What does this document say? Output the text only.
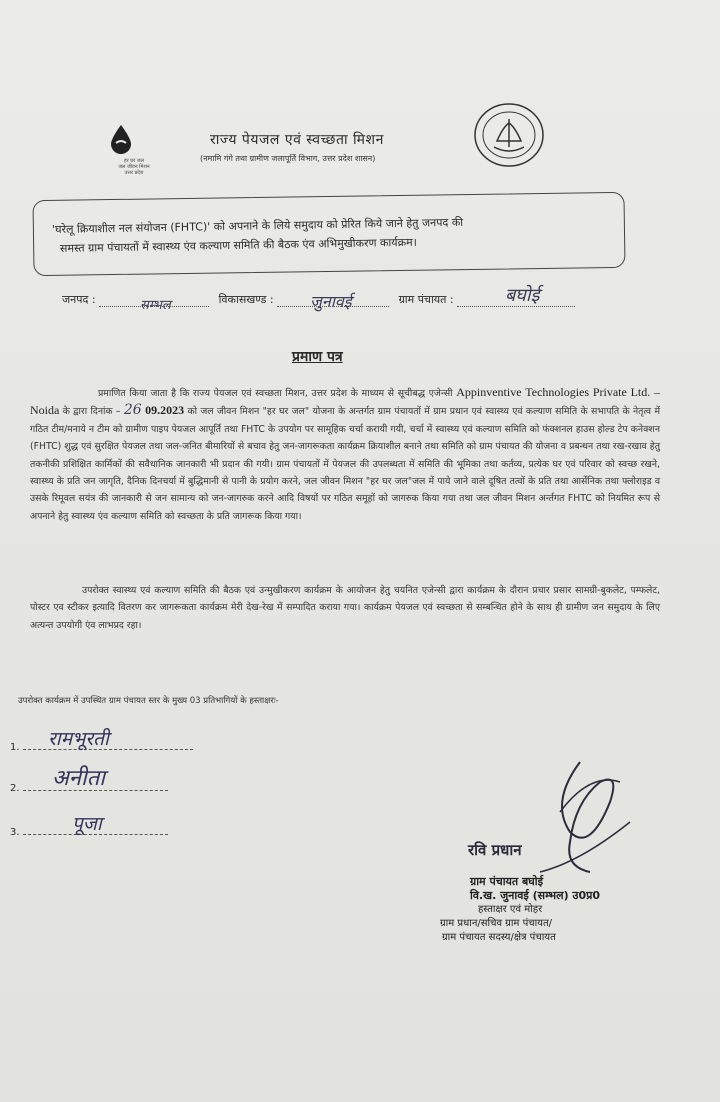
हर घर जल
जल जीवन मिशन
उत्तर प्रदेश
राज्य पेयजल एवं स्वच्छता मिशन
(नमामि गंगे तथा ग्रामीण जलापूर्ति विभाग, उत्तर प्रदेश शासन)
'घरेलू क्रियाशील नल संयोजन (FHTC)' को अपनाने के लिये समुदाय को प्रेरित किये जाने हेतु जनपद की
समस्त ग्राम पंचायतों में स्वास्थ्य एंव कल्याण समिति की बैठक एंव अभिमुखीकरण कार्यक्रम।
जनपद :	विकासखण्ड :	ग्राम पंचायत :
सम्भल	जुनावई	बघोई
प्रमाण पत्र
प्रमाणित किया जाता है कि राज्य पेयजल एवं स्वच्छता मिशन, उत्तर प्रदेश के माध्यम से सूचीबद्ध एजेन्सी Appinventive Technologies Private Ltd. – Noida के द्वारा दिनांक – 26 09.2023 को जल जीवन मिशन "हर घर जल" योजना के अन्तर्गत ग्राम पंचायतों में ग्राम प्रधान एवं स्वास्थ्य एवं कल्याण समिति के सभापति के नेतृत्व में गठित टीम/मनाये न टीम को ग्रामीण पाइप पेयजल आपूर्ति तथा FHTC के उपयोग पर सामूहिक चर्चा करायी गयी, चर्चा में स्वास्थ्य एवं कल्याण समिति को फंक्शनल हाउस होल्ड टेप कनेक्शन (FHTC) शुद्ध एवं सुरक्षित पेयजल तथा जल-जनित बीमारियों से बचाव हेतु जन-जागरूकता कार्यक्रम क्रियाशील बनाने तथा समिति को ग्राम पंचायत की योजना व प्रबन्धन तथा रख-रखाव हेतु तकनीकी प्रशिक्षित कार्मिकों की सवैधानिक जानकारी भी प्रदान की गयी। ग्राम पंचायतों में पेयजल की उपलब्धता में समिति की भूमिका तथा कर्तव्य, प्रत्येक घर एवं परिवार को स्वच्छ रखने, स्वास्थ्य के प्रति जन जागृति, दैनिक दिनचर्या में बुद्धिमानी से पानी के प्रयोग करने, जल जीवन मिशन "हर घर जल"जल में पाये जाने वाले दूषित तत्वों के प्रति तथा आर्सेनिक तथा फ्लोराइड व उसके रिमूवल सयंत्र की जानकारी से जन सामान्य को जन-जागरुक करने आदि विषयों पर गठित समूहों को जागरुक किया गया तथा जल जीवन मिशन अर्न्तगत FHTC को नियमित रूप से अपनाने हेतु स्वास्थ्य एंव कल्याण समिति को स्वच्छता के प्रति जागरूक किया गया।
उपरोक्त स्वास्थ्य एवं कल्याण समिति की बैठक एवं उन्मुखीकरण कार्यक्रम के आयोजन हेतु चयनित एजेन्सी द्वारा कार्यक्रम के दौरान प्रचार प्रसार सामग्री-बुकलेट, पम्फलेट, पोस्टर एव स्टीकर इत्यादि वितरण कर जागरूकता कार्यक्रम मेरी देख-रेख में सम्पादित कराया गया। कार्यक्रम पेयजल एवं स्वच्छता से सम्बन्धित होने के साथ ही ग्रामीण जन समुदाय के लिए अत्यन्त उपयोगी एंव लाभप्रद रहा।
उपरोक्त कार्यक्रम में उपस्थित ग्राम पंचायत स्तर के मुख्य 03 प्रतिभागियों के हस्ताक्षरः-
1. रामभूरती
2. अनीता
3.	पूजा
रवि प्रधान
ग्राम पंचायत बघोई
वि.ख. जुनावई (सम्भल) उ0प्र0
हस्ताक्षर एवं मोहर
ग्राम प्रधान/सचिव ग्राम पंचायत/
ग्राम पंचायत सदस्य/क्षेत्र पंचायत
